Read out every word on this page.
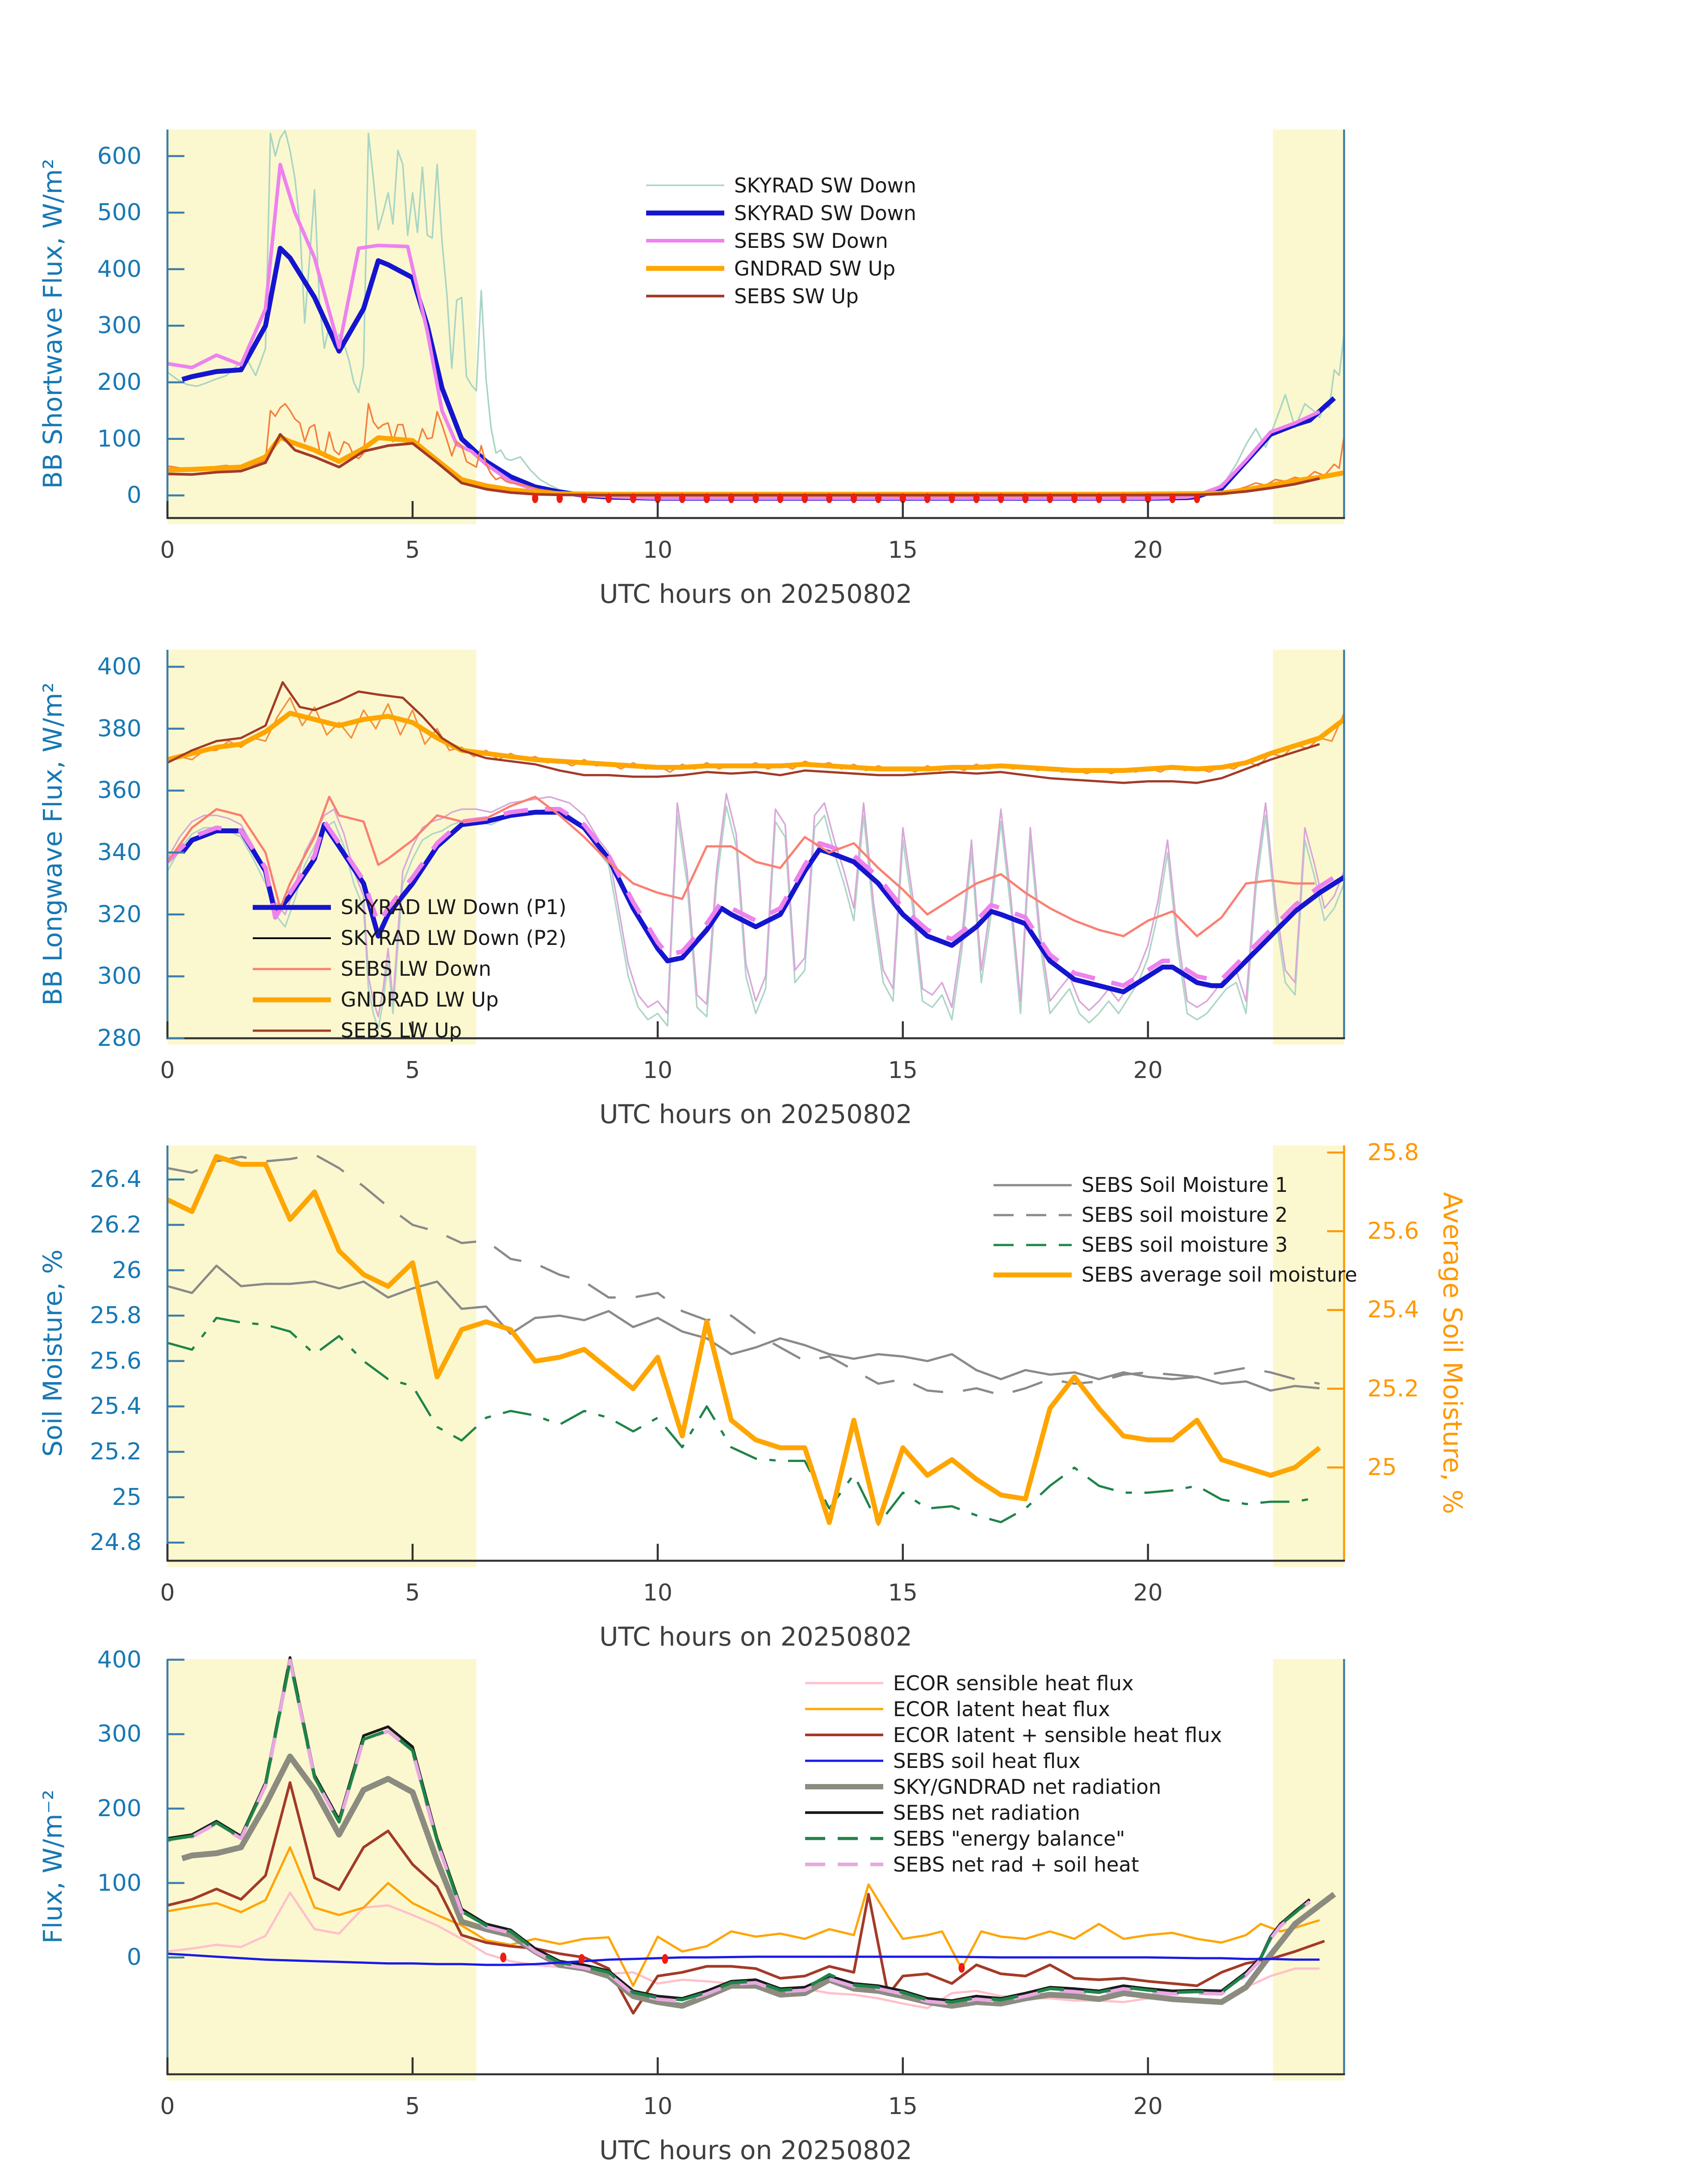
0	5	10	15	20
0
100
200
300
400
500
600
UTC hours on 20250802
BB Shortwave Flux, W/m²	SKYRAD SW Down
SKYRAD SW Down
SEBS SW Down
GNDRAD SW Up
SEBS SW Up
0	5	10	15	20
280
300
320
340
360
380
400
UTC hours on 20250802
BB Longwave Flux, W/m²	SKYRAD LW Down (P1)
SKYRAD LW Down (P2)
SEBS LW Down
GNDRAD LW Up
SEBS LW Up
0	5	10	15	20
24.8
25
25.2
25.4
25.6
25.8
26
26.2
26.4
25
25.2
25.4
25.6
25.8
UTC hours on 20250802
Soil Moisture, %	Average Soil Moisture, %
SEBS Soil Moisture 1
SEBS soil moisture 2
SEBS soil moisture 3
SEBS average soil moisture
0	5	10	15	20
0
100
200
300
400
UTC hours on 20250802
Flux, W/m⁻²
ECOR sensible heat flux
ECOR latent heat flux
ECOR latent + sensible heat flux
SEBS soil heat flux
SKY/GNDRAD net radiation
SEBS net radiation
SEBS "energy balance"
SEBS net rad + soil heat
